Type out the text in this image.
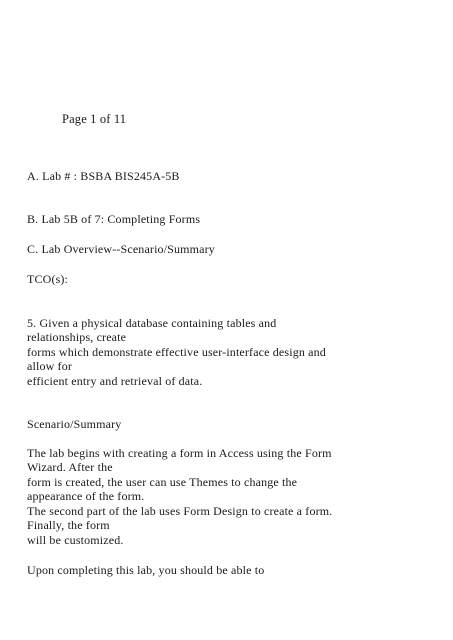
Page 1 of 11
A. Lab # : BSBA BIS245A-5B
B. Lab 5B of 7: Completing Forms
C. Lab Overview--Scenario/Summary
TCO(s):
5. Given a physical database containing tables and
relationships, create
forms which demonstrate effective user-interface design and
allow for
efficient entry and retrieval of data.
Scenario/Summary
The lab begins with creating a form in Access using the Form
Wizard. After the
form is created, the user can use Themes to change the
appearance of the form.
The second part of the lab uses Form Design to create a form.
Finally, the form
will be customized.
Upon completing this lab, you should be able to
